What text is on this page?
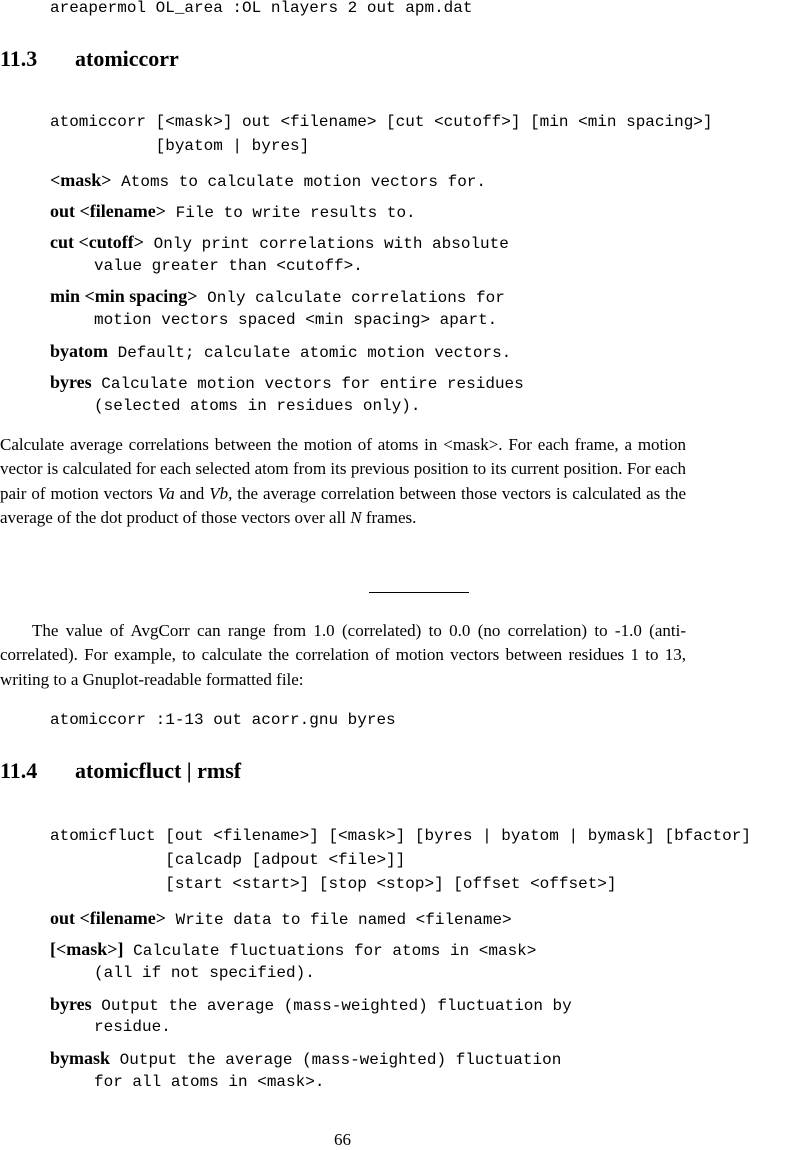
areapermol OL_area :OL nlayers 2 out apm.dat
11.3 atomiccorr
atomiccorr [<mask>] out <filename> [cut <cutoff>] [min <min spacing>]
[byatom | byres]
<mask> Atoms to calculate motion vectors for.
out <filename> File to write results to.
cut <cutoff> Only print correlations with absolute
value greater than <cutoff>.
min <min spacing> Only calculate correlations for
motion vectors spaced <min spacing> apart.
byatom Default; calculate atomic motion vectors.
byres Calculate motion vectors for entire residues
(selected atoms in residues only).
Calculate average correlations between the motion of atoms in <mask>. For each frame, a motion vector is calculated for each selected atom from its previous position to its current position. For each pair of motion vectors Va and Vb, the average correlation between those vectors is calculated as the average of the dot product of those vectors over all N frames.
The value of AvgCorr can range from 1.0 (correlated) to 0.0 (no correlation) to -1.0 (anti-correlated). For example, to calculate the correlation of motion vectors between residues 1 to 13, writing to a Gnuplot-readable formatted file:
atomiccorr :1-13 out acorr.gnu byres
11.4 atomicfluct | rmsf
atomicfluct [out <filename>] [<mask>] [byres | byatom | bymask] [bfactor]
[calcadp [adpout <file>]]
[start <start>] [stop <stop>] [offset <offset>]
out <filename> Write data to file named <filename>
[<mask>] Calculate fluctuations for atoms in <mask>
(all if not specified).
byres Output the average (mass-weighted) fluctuation by
residue.
bymask Output the average (mass-weighted) fluctuation
for all atoms in <mask>.
66
